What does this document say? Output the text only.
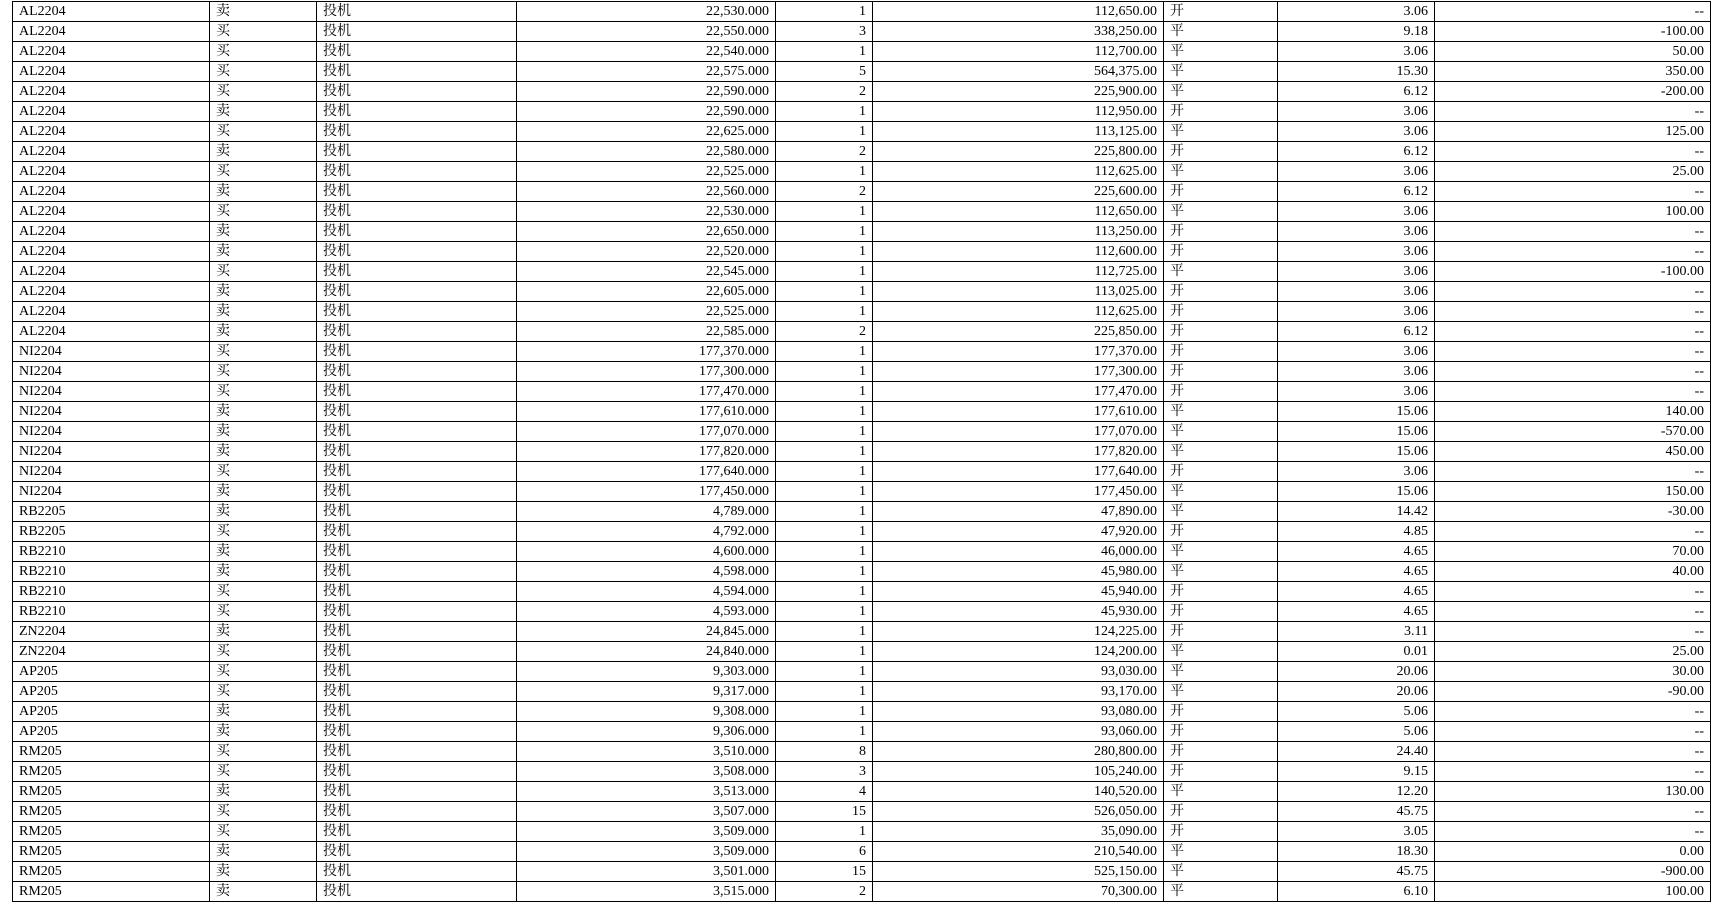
AL2204	卖	投机	22,530.000	1	112,650.00	开	3.06	--
AL2204	买	投机	22,550.000	3	338,250.00	平	9.18	-100.00
AL2204	买	投机	22,540.000	1	112,700.00	平	3.06	50.00
AL2204	买	投机	22,575.000	5	564,375.00	平	15.30	350.00
AL2204	买	投机	22,590.000	2	225,900.00	平	6.12	-200.00
AL2204	卖	投机	22,590.000	1	112,950.00	开	3.06	--
AL2204	买	投机	22,625.000	1	113,125.00	平	3.06	125.00
AL2204	卖	投机	22,580.000	2	225,800.00	开	6.12	--
AL2204	买	投机	22,525.000	1	112,625.00	平	3.06	25.00
AL2204	卖	投机	22,560.000	2	225,600.00	开	6.12	--
AL2204	买	投机	22,530.000	1	112,650.00	平	3.06	100.00
AL2204	卖	投机	22,650.000	1	113,250.00	开	3.06	--
AL2204	卖	投机	22,520.000	1	112,600.00	开	3.06	--
AL2204	买	投机	22,545.000	1	112,725.00	平	3.06	-100.00
AL2204	卖	投机	22,605.000	1	113,025.00	开	3.06	--
AL2204	卖	投机	22,525.000	1	112,625.00	开	3.06	--
AL2204	卖	投机	22,585.000	2	225,850.00	开	6.12	--
NI2204	买	投机	177,370.000	1	177,370.00	开	3.06	--
NI2204	买	投机	177,300.000	1	177,300.00	开	3.06	--
NI2204	买	投机	177,470.000	1	177,470.00	开	3.06	--
NI2204	卖	投机	177,610.000	1	177,610.00	平	15.06	140.00
NI2204	卖	投机	177,070.000	1	177,070.00	平	15.06	-570.00
NI2204	卖	投机	177,820.000	1	177,820.00	平	15.06	450.00
NI2204	买	投机	177,640.000	1	177,640.00	开	3.06	--
NI2204	卖	投机	177,450.000	1	177,450.00	平	15.06	150.00
RB2205	卖	投机	4,789.000	1	47,890.00	平	14.42	-30.00
RB2205	买	投机	4,792.000	1	47,920.00	开	4.85	--
RB2210	卖	投机	4,600.000	1	46,000.00	平	4.65	70.00
RB2210	卖	投机	4,598.000	1	45,980.00	平	4.65	40.00
RB2210	买	投机	4,594.000	1	45,940.00	开	4.65	--
RB2210	买	投机	4,593.000	1	45,930.00	开	4.65	--
ZN2204	卖	投机	24,845.000	1	124,225.00	开	3.11	--
ZN2204	买	投机	24,840.000	1	124,200.00	平	0.01	25.00
AP205	买	投机	9,303.000	1	93,030.00	平	20.06	30.00
AP205	买	投机	9,317.000	1	93,170.00	平	20.06	-90.00
AP205	卖	投机	9,308.000	1	93,080.00	开	5.06	--
AP205	卖	投机	9,306.000	1	93,060.00	开	5.06	--
RM205	买	投机	3,510.000	8	280,800.00	开	24.40	--
RM205	买	投机	3,508.000	3	105,240.00	开	9.15	--
RM205	卖	投机	3,513.000	4	140,520.00	平	12.20	130.00
RM205	买	投机	3,507.000	15	526,050.00	开	45.75	--
RM205	买	投机	3,509.000	1	35,090.00	开	3.05	--
RM205	卖	投机	3,509.000	6	210,540.00	平	18.30	0.00
RM205	卖	投机	3,501.000	15	525,150.00	平	45.75	-900.00
RM205	卖	投机	3,515.000	2	70,300.00	平	6.10	100.00
